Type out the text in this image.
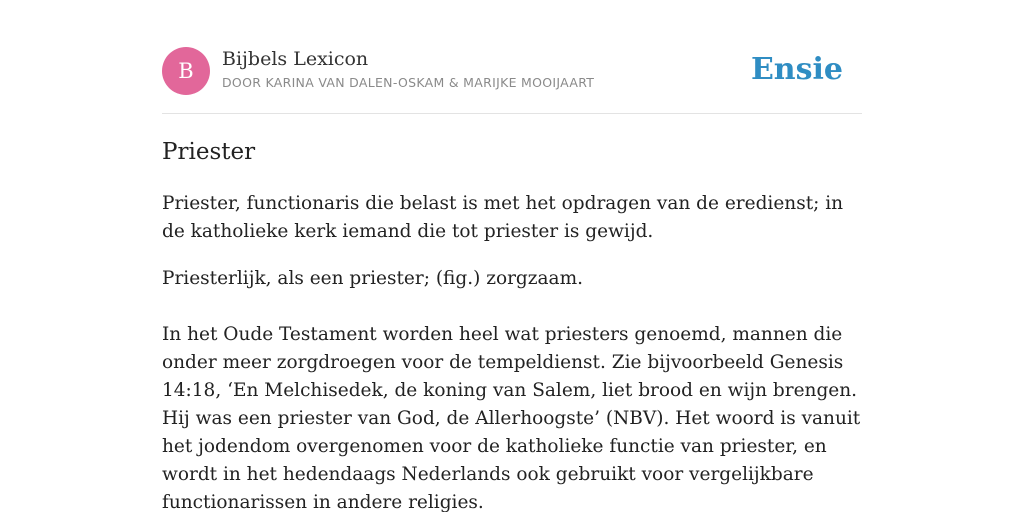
B	Bijbels Lexicon
DOOR KARINA VAN DALEN-OSKAM & MARIJKE MOOIJAART	Ensie
Priester

Priester, functionaris die belast is met het opdragen van de eredienst; in de katholieke kerk iemand die tot priester is gewijd.

Priesterlijk, als een priester; (fig.) zorgzaam.

In het Oude Testament worden heel wat priesters genoemd, mannen die onder meer zorgdroegen voor de tempeldienst. Zie bijvoorbeeld Genesis 14:18, ‘En Melchisedek, de koning van Salem, liet brood en wijn brengen. Hij was een priester van God, de Allerhoogste’ (NBV). Het woord is vanuit het jodendom overgenomen voor de katholieke functie van priester, en wordt in het hedendaags Nederlands ook gebruikt voor vergelijkbare functionarissen in andere religies.
